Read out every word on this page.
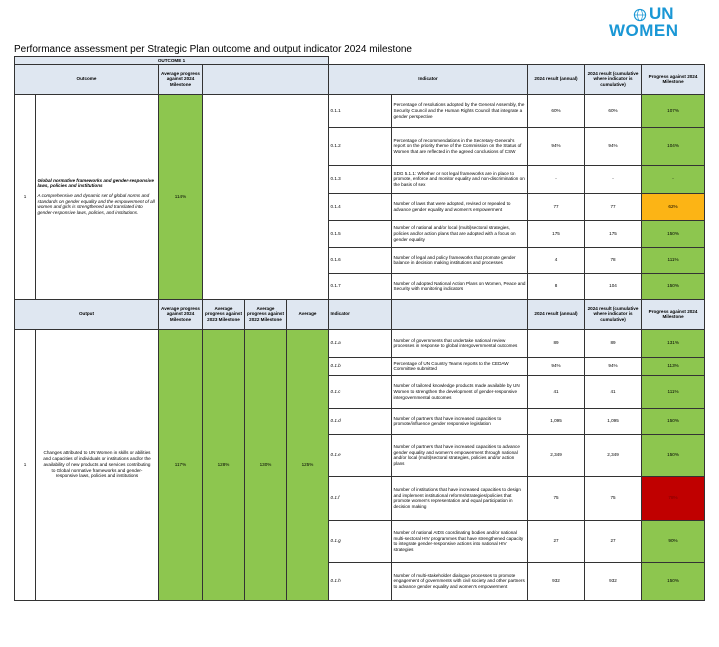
UN
WOMEN
Performance assessment per Strategic Plan outcome and output indicator 2024 milestone
OUTCOME 1										
Outcome		Average progress against 2024 Milestone				Indicator		2024 result (annual)	2024 result (cumulative where indicator is cumulative)	Progress against 2024 Milestone
1	Global normative frameworks and gender-responsive laws, policies and institutions
A comprehensive and dynamic set of global norms and standards on gender equality and the empowerment of all women and girls is strengthened and translated into gender-responsive laws, policies, and institutions.	114%				0.1.1	Percentage of resolutions adopted by the General Assembly, the Security Council and the Human Rights Council that integrate a gender perspective	60%	60%	107%
						0.1.2	Percentage of recommendations in the Secretary-General's report on the priority theme of the Commission on the Status of Women that are reflected in the agreed conclusions of CSW	94%	94%	104%
						0.1.3	SDG 5.1.1: Whether or not legal frameworks are in place to promote, enforce and monitor equality and non-discrimination on the basis of sex	-	-	-
						0.1.4	Number of laws that were adopted, revised or repealed to advance gender equality and women's empowerment	77	77	62%
						0.1.5	Number of national and/or local (multi)sectoral strategies, policies and/or action plans that are adopted with a focus on gender equality	175	175	150%
						0.1.6	Number of legal and policy frameworks that promote gender balance in decision making institutions and processes	4	78	111%
						0.1.7	Number of adopted National Action Plans on Women, Peace and Security with monitoring indicators	8	104	150%
Output		Average progress against 2024 Milestone	Average progress against 2023 Milestone	Average progress against 2022 Milestone	Average	Indicator		2024 result (annual)	2024 result (cumulative where indicator is cumulative)	Progress against 2024 Milestone
1	Changes attributed to UN Women in skills or abilities and capacities of individuals or institutions and/or the availability of new products and services contributing to Global normative frameworks and gender-responsive laws, policies and institutions	117%	128%	130%	125%	0.1.a	Number of governments that undertake national review processes in response to global intergovernmental outcomes	89	89	131%
						0.1.b	Percentage of UN Country Teams reports to the CEDAW Committee submitted	94%	94%	113%
						0.1.c	Number of tailored knowledge products made available by UN Women to strengthen the development of gender-responsive intergovernmental outcomes	41	41	111%
						0.1.d	Number of partners that have increased capacities to promote/influence gender responsive legislation	1,095	1,095	150%
						0.1.e	Number of partners that have increased capacities to advance gender equality and women's empowerment through national and/or local (multi)sectoral strategies, policies and/or action plans	2,349	2,349	150%
						0.1.f	Number of institutions that have increased capacities to design and implement institutional reforms/strategies/policies that promote women's representation and equal participation in decision making	75	75	78%
						0.1.g	Number of national AIDS coordinating bodies and/or national multi-sectoral HIV programmes that have strengthened capacity to integrate gender-responsive actions into national HIV strategies	27	27	90%
						0.1.h	Number of multi-stakeholder dialogue processes to promote engagement of governments with civil society and other partners to advance gender equality and women's empowerment	932	932	150%
